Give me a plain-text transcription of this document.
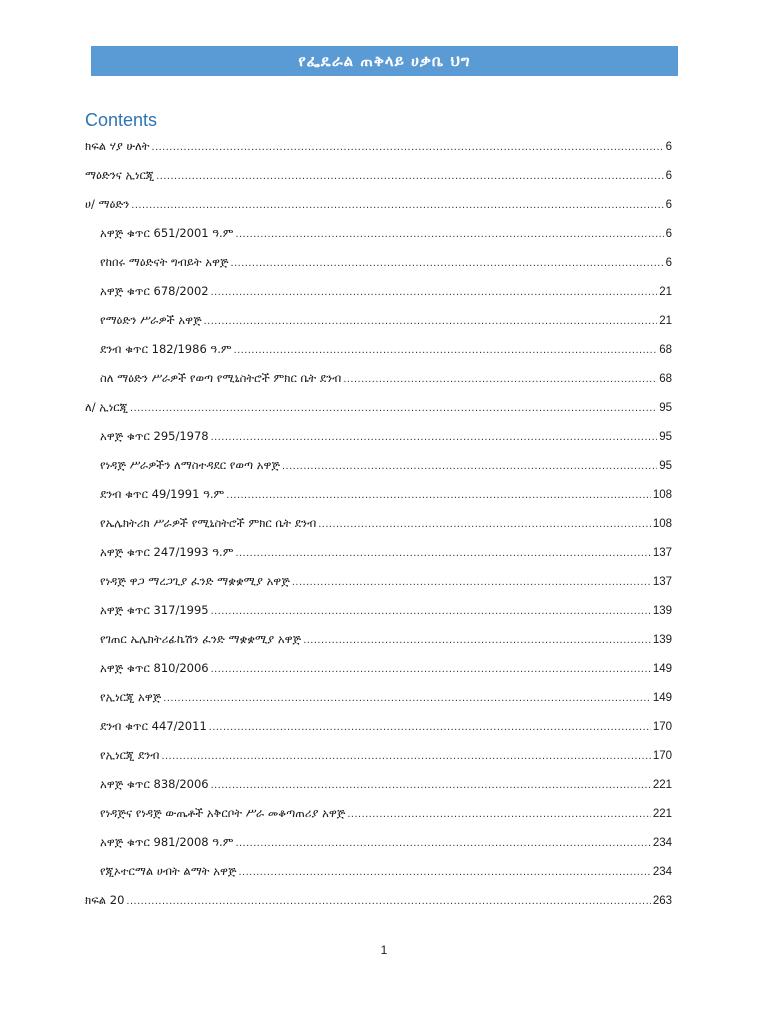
የፌዴራል ጠቅላይ ሀቃቤ ህግ
Contents
ክፍል ሃያ ሁለት .....	6
ማዕድንና ኢነርጂ .....	6
ሀ/ ማዕድን .....	6
አዋጅ ቁጥር 651/2001 ዓ.ም .....	6
የከበሩ ማዕድናት ግብይት አዋጅ .....	6
አዋጅ ቁጥር 678/2002 .....	21
የማዕድን ሥራዎች አዋጅ .....	21
ደንብ ቁጥር 182/1986 ዓ.ም .....	68
ስለ ማዕድን ሥራዎች የወጣ የሚኒስትሮች ምክር ቤት ደንብ .....	68
ለ/ ኢነርጂ .....	95
አዋጅ ቁጥር 295/1978 .....	95
የነዳጅ ሥራዎችን ለማስተዳደር የወጣ አዋጅ .....	95
ደንብ ቁጥር 49/1991 ዓ.ም .....	108
የኤሌክትሪክ ሥራዎች የሚኒስትሮች ምክር ቤት ደንብ .....	108
አዋጅ ቁጥር 247/1993 ዓ.ም .....	137
የነዳጅ ዋጋ ማረጋጊያ ፈንድ ማቋቋሚያ አዋጅ .....	137
አዋጅ ቁጥር 317/1995 .....	139
የገጠር ኤሌክትሪፊኬሽን ፈንድ ማቋቋሚያ አዋጅ .....	139
አዋጅ ቁጥር 810/2006 .....	149
የኢነርጂ አዋጅ .....	149
ደንብ ቁጥር 447/2011 .....	170
የኢነርጂ ደንብ .....	170
አዋጅ ቁጥር 838/2006 .....	221
የነዳጅና የነዳጅ ውጤቶች አቅርቦት ሥራ መቆጣጠሪያ አዋጅ .....	221
አዋጅ ቁጥር 981/2008 ዓ.ም .....	234
የጂኦተርማል ሀብት ልማት አዋጅ .....	234
ክፍል 20 .....	263
1
